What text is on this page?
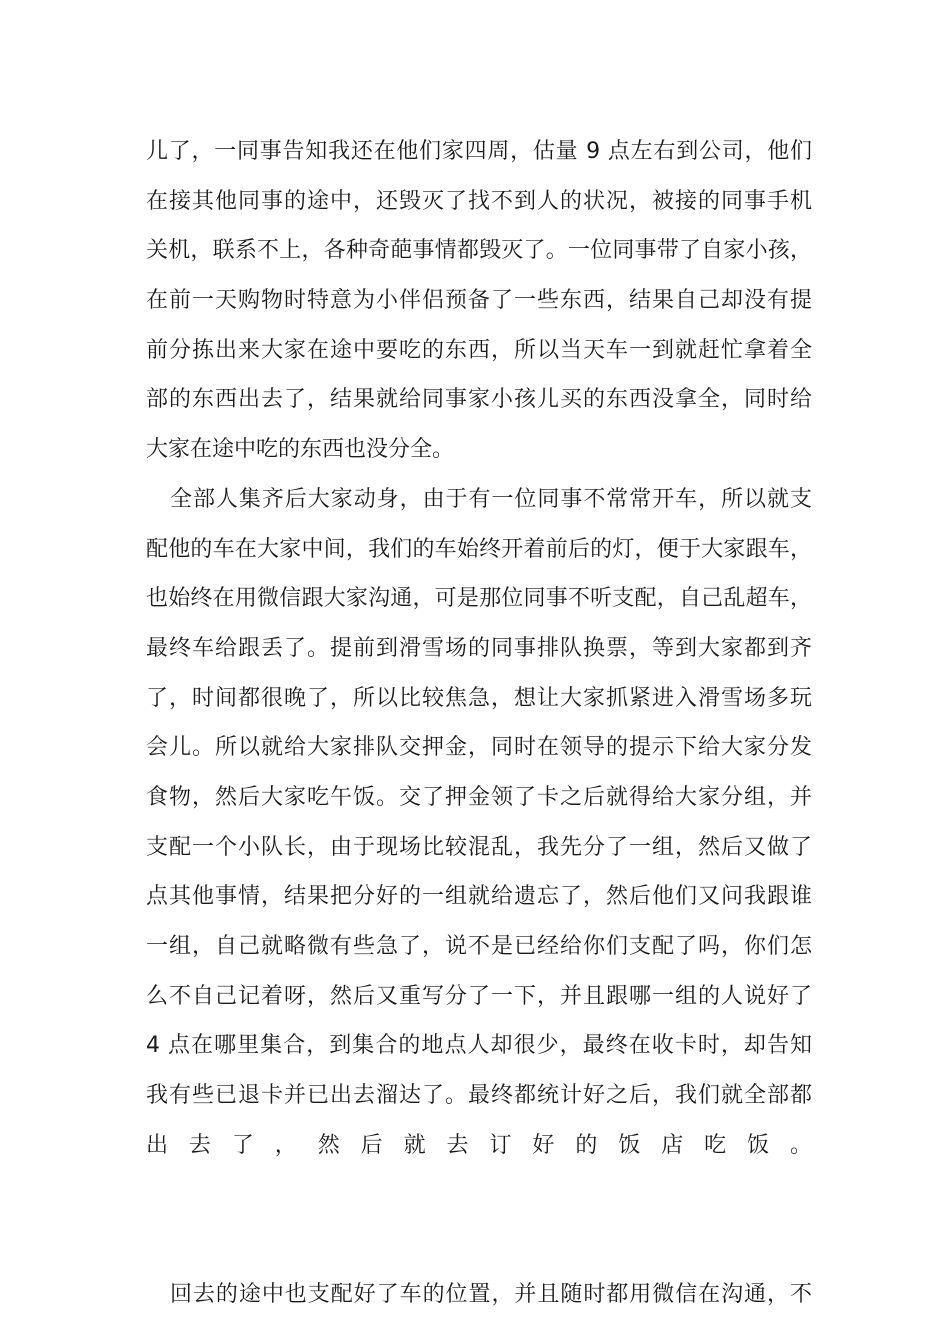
儿了，一同事告知我还在他们家四周，估量 9 点左右到公司，他们
在接其他同事的途中，还毁灭了找不到人的状况，被接的同事手机
关机，联系不上，各种奇葩事情都毁灭了。一位同事带了自家小孩，
在前一天购物时特意为小伴侣预备了一些东西，结果自己却没有提
前分拣出来大家在途中要吃的东西，所以当天车一到就赶忙拿着全
部的东西出去了，结果就给同事家小孩儿买的东西没拿全，同时给
大家在途中吃的东西也没分全。
全部人集齐后大家动身，由于有一位同事不常常开车，所以就支
配他的车在大家中间，我们的车始终开着前后的灯，便于大家跟车，
也始终在用微信跟大家沟通，可是那位同事不听支配，自己乱超车，
最终车给跟丢了。提前到滑雪场的同事排队换票，等到大家都到齐
了，时间都很晚了，所以比较焦急，想让大家抓紧进入滑雪场多玩
会儿。所以就给大家排队交押金，同时在领导的提示下给大家分发
食物，然后大家吃午饭。交了押金领了卡之后就得给大家分组，并
支配一个小队长，由于现场比较混乱，我先分了一组，然后又做了
点其他事情，结果把分好的一组就给遗忘了，然后他们又问我跟谁
一组，自己就略微有些急了，说不是已经给你们支配了吗，你们怎
么不自己记着呀，然后又重写分了一下，并且跟哪一组的人说好了
4 点在哪里集合，到集合的地点人却很少，最终在收卡时，却告知
我有些已退卡并已出去溜达了。最终都统计好之后，我们就全部都
出去了，然后就去订好的饭店吃饭。
回去的途中也支配好了车的位置，并且随时都用微信在沟通，不
